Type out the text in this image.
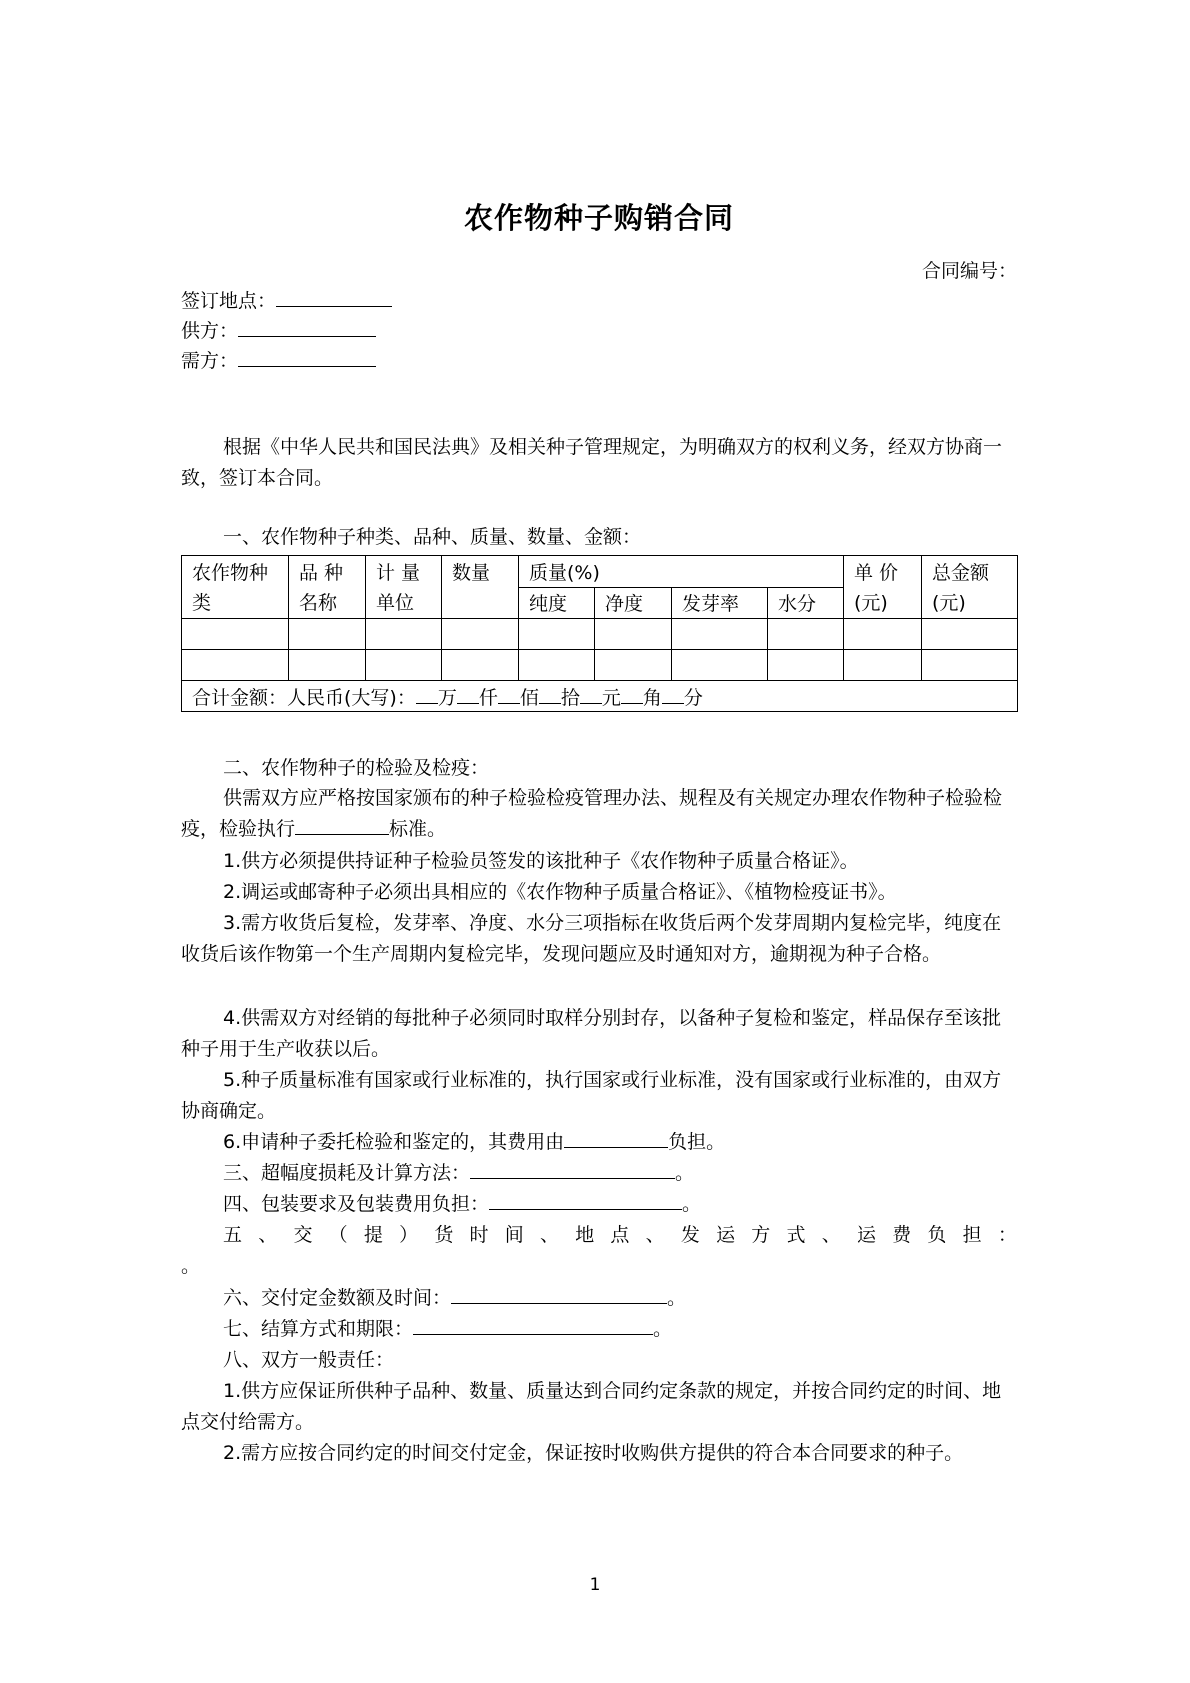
农作物种子购销合同
合同编号：
签订地点：
供方：
需方：
根据《中华人民共和国民法典》及相关种子管理规定，为明确双方的权利义务，经双方协商一致，签订本合同。
一、农作物种子种类、品种、质量、数量、金额：
农作物种类	品 种 名称	计 量 单位	数量	质量(%)				单 价 (元)	总金额 (元)
				纯度	净度	发芽率	水分		

合计金额：人民币(大写)： 万 仟 佰 拾 元 角 分									
二、农作物种子的检验及检疫：
供需双方应严格按国家颁布的种子检验检疫管理办法、规程及有关规定办理农作物种子检验检疫，检验执行	标准。
1.供方必须提供持证种子检验员签发的该批种子《农作物种子质量合格证》。
2.调运或邮寄种子必须出具相应的《农作物种子质量合格证》、《植物检疫证书》。
3.需方收货后复检，发芽率、净度、水分三项指标在收货后两个发芽周期内复检完毕，纯度在收货后该作物第一个生产周期内复检完毕，发现问题应及时通知对方，逾期视为种子合格。
4.供需双方对经销的每批种子必须同时取样分别封存，以备种子复检和鉴定，样品保存至该批种子用于生产收获以后。
5.种子质量标准有国家或行业标准的，执行国家或行业标准，没有国家或行业标准的，由双方协商确定。
6.申请种子委托检验和鉴定的，其费用由	负担。
三、超幅度损耗及计算方法：	。
四、包装要求及包装费用负担：	。
五 、 交 （ 提 ） 货 时 间 、 地 点 、 发 运 方 式 、 运 费 负 担 ：
。
六、交付定金数额及时间：	。
七、结算方式和期限：	。
八、双方一般责任：
1.供方应保证所供种子品种、数量、质量达到合同约定条款的规定，并按合同约定的时间、地点交付给需方。
2.需方应按合同约定的时间交付定金，保证按时收购供方提供的符合本合同要求的种子。
1
